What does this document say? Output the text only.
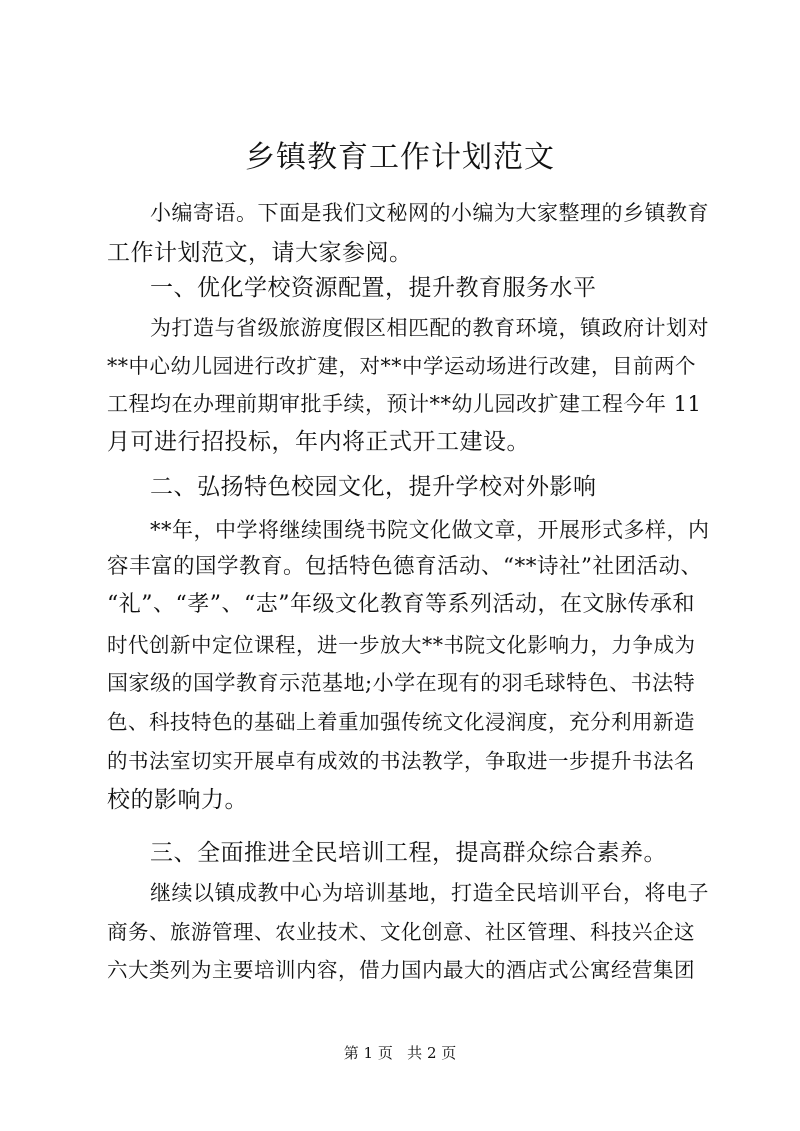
乡镇教育工作计划范文
小编寄语。下面是我们文秘网的小编为大家整理的乡镇教育
工作计划范文，请大家参阅。
一、优化学校资源配置，提升教育服务水平
为打造与省级旅游度假区相匹配的教育环境，镇政府计划对
**中心幼儿园进行改扩建，对**中学运动场进行改建，目前两个
工程均在办理前期审批手续，预计**幼儿园改扩建工程今年 11
月可进行招投标，年内将正式开工建设。
二、弘扬特色校园文化，提升学校对外影响
**年，中学将继续围绕书院文化做文章，开展形式多样，内
容丰富的国学教育。包括特色德育活动、“**诗社”社团活动、
“礼”、“孝”、“志”年级文化教育等系列活动，在文脉传承和
时代创新中定位课程，进一步放大**书院文化影响力，力争成为
国家级的国学教育示范基地;小学在现有的羽毛球特色、书法特
色、科技特色的基础上着重加强传统文化浸润度，充分利用新造
的书法室切实开展卓有成效的书法教学，争取进一步提升书法名
校的影响力。
三、全面推进全民培训工程，提高群众综合素养。
继续以镇成教中心为培训基地，打造全民培训平台，将电子
商务、旅游管理、农业技术、文化创意、社区管理、科技兴企这
六大类列为主要培训内容，借力国内最大的酒店式公寓经营集团
第 1 页 共 2 页
